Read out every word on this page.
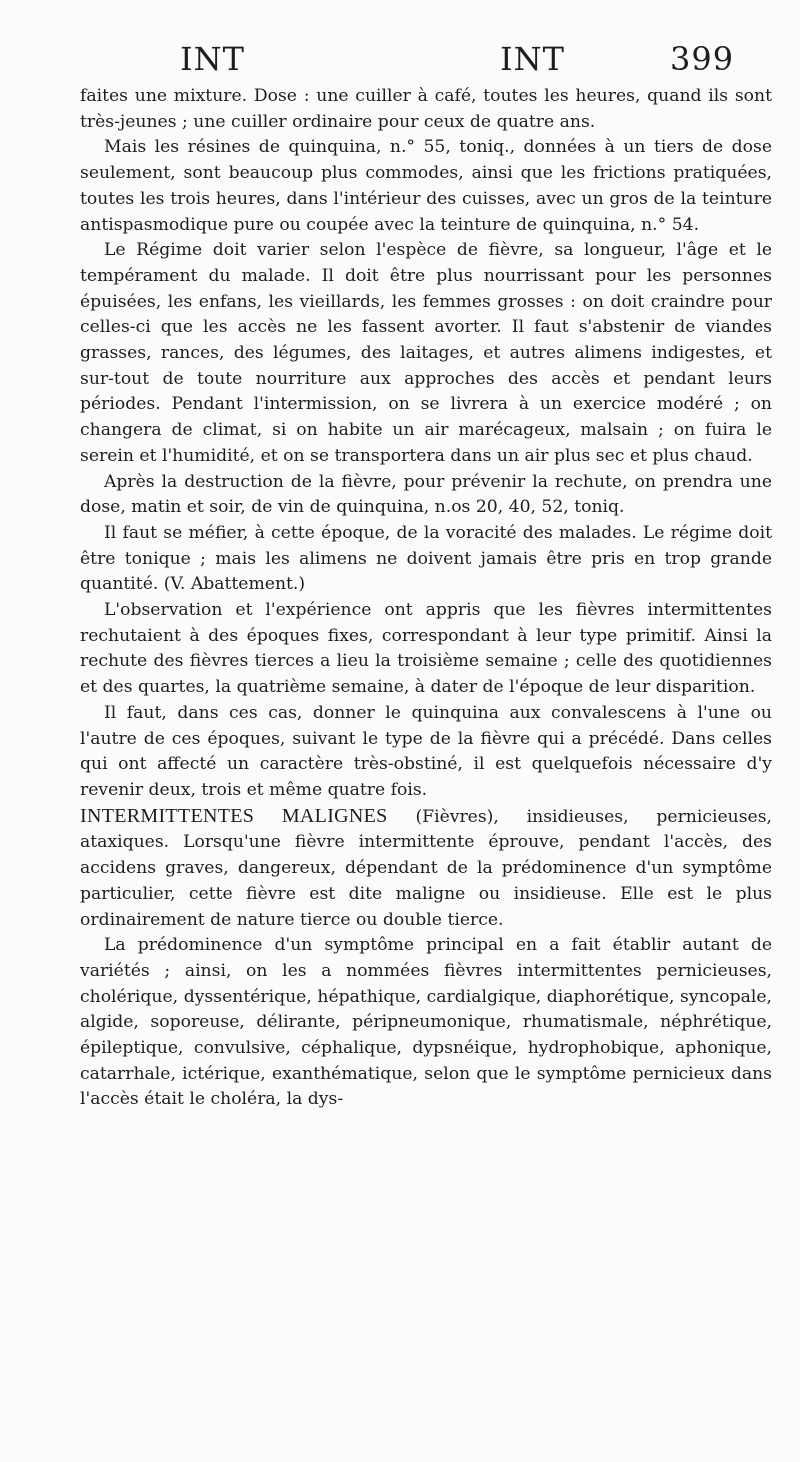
INT	INT	399

faites une mixture. Dose : une cuiller à café, toutes les heures, quand ils sont très-jeunes ; une cuiller ordinaire pour ceux de quatre ans.

Mais les résines de quinquina, n.° 55, toniq., données à un tiers de dose seulement, sont beaucoup plus commodes, ainsi que les frictions pratiquées, toutes les trois heures, dans l'intérieur des cuisses, avec un gros de la teinture antispasmodique pure ou coupée avec la teinture de quinquina, n.° 54.

Le Régime doit varier selon l'espèce de fièvre, sa longueur, l'âge et le tempérament du malade. Il doit être plus nourrissant pour les personnes épuisées, les enfans, les vieillards, les femmes grosses : on doit craindre pour celles-ci que les accès ne les fassent avorter. Il faut s'abstenir de viandes grasses, rances, des légumes, des laitages, et autres alimens indigestes, et sur-tout de toute nourriture aux approches des accès et pendant leurs périodes. Pendant l'intermission, on se livrera à un exercice modéré ; on changera de climat, si on habite un air marécageux, malsain ; on fuira le serein et l'humidité, et on se transportera dans un air plus sec et plus chaud.

Après la destruction de la fièvre, pour prévenir la rechute, on prendra une dose, matin et soir, de vin de quinquina, n.os 20, 40, 52, toniq.

Il faut se méfier, à cette époque, de la voracité des malades. Le régime doit être tonique ; mais les alimens ne doivent jamais être pris en trop grande quantité. (V. Abattement.)

L'observation et l'expérience ont appris que les fièvres intermittentes rechutaient à des époques fixes, correspondant à leur type primitif. Ainsi la rechute des fièvres tierces a lieu la troisième semaine ; celle des quotidiennes et des quartes, la quatrième semaine, à dater de l'époque de leur disparition.

Il faut, dans ces cas, donner le quinquina aux convalescens à l'une ou l'autre de ces époques, suivant le type de la fièvre qui a précédé. Dans celles qui ont affecté un caractère très-obstiné, il est quelquefois nécessaire d'y revenir deux, trois et même quatre fois.

INTERMITTENTES MALIGNES (Fièvres), insidieuses, pernicieuses, ataxiques. Lorsqu'une fièvre intermittente éprouve, pendant l'accès, des accidens graves, dangereux, dépendant de la prédominence d'un symptôme particulier, cette fièvre est dite maligne ou insidieuse. Elle est le plus ordinairement de nature tierce ou double tierce.

La prédominence d'un symptôme principal en a fait établir autant de variétés ; ainsi, on les a nommées fièvres intermittentes pernicieuses, cholérique, dyssentérique, hépathique, cardialgique, diaphorétique, syncopale, algide, soporeuse, délirante, péripneumonique, rhumatismale, néphrétique, épileptique, convulsive, céphalique, dypsnéique, hydrophobique, aphonique, catarrhale, ictérique, exanthématique, selon que le symptôme pernicieux dans l'accès était le choléra, la dys-
